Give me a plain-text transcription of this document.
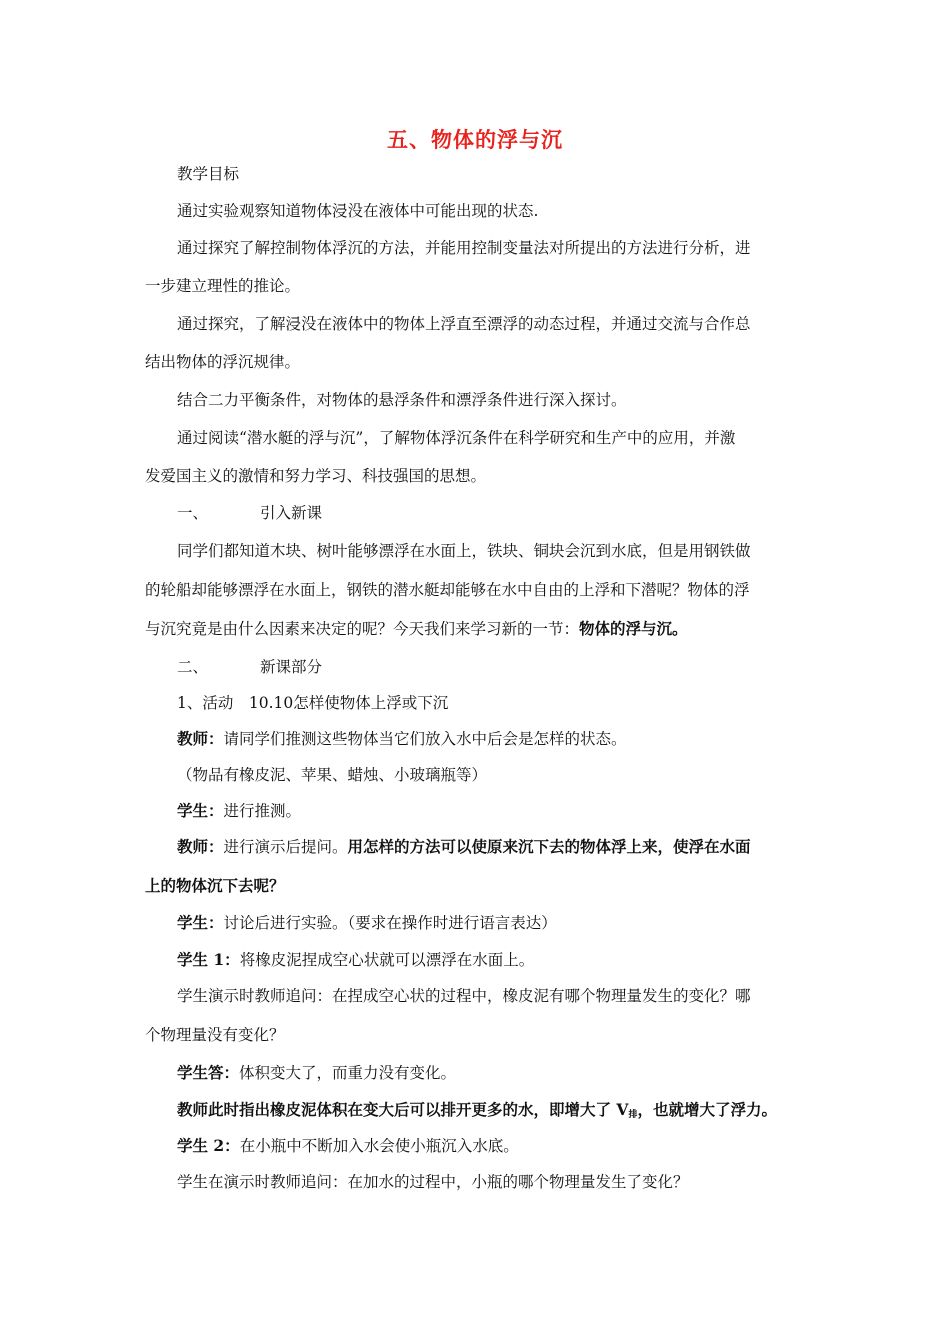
五、物体的浮与沉
教学目标
通过实验观察知道物体浸没在液体中可能出现的状态.
通过探究了解控制物体浮沉的方法，并能用控制变量法对所提出的方法进行分析，进
一步建立理性的推论。
通过探究，了解浸没在液体中的物体上浮直至漂浮的动态过程，并通过交流与合作总
结出物体的浮沉规律。
结合二力平衡条件，对物体的悬浮条件和漂浮条件进行深入探讨。
通过阅读“潜水艇的浮与沉”，了解物体浮沉条件在科学研究和生产中的应用，并激
发爱国主义的激情和努力学习、科技强国的思想。
一、	引入新课
同学们都知道木块、树叶能够漂浮在水面上，铁块、铜块会沉到水底，但是用钢铁做
的轮船却能够漂浮在水面上，钢铁的潜水艇却能够在水中自由的上浮和下潜呢？物体的浮
与沉究竟是由什么因素来决定的呢？今天我们来学习新的一节：物体的浮与沉。
二、	新课部分
1、活动　10.10怎样使物体上浮或下沉
教师：请同学们推测这些物体当它们放入水中后会是怎样的状态。
（物品有橡皮泥、苹果、蜡烛、小玻璃瓶等）
学生：进行推测。
教师：进行演示后提问。用怎样的方法可以使原来沉下去的物体浮上来，使浮在水面
上的物体沉下去呢？
学生：讨论后进行实验。（要求在操作时进行语言表达）
学生 1：将橡皮泥捏成空心状就可以漂浮在水面上。
学生演示时教师追问：在捏成空心状的过程中，橡皮泥有哪个物理量发生的变化？哪
个物理量没有变化？
学生答：体积变大了，而重力没有变化。
教师此时指出橡皮泥体积在变大后可以排开更多的水，即增大了 $V_排$，也就增大了浮力。
学生 2：在小瓶中不断加入水会使小瓶沉入水底。
学生在演示时教师追问：在加水的过程中，小瓶的哪个物理量发生了变化？
